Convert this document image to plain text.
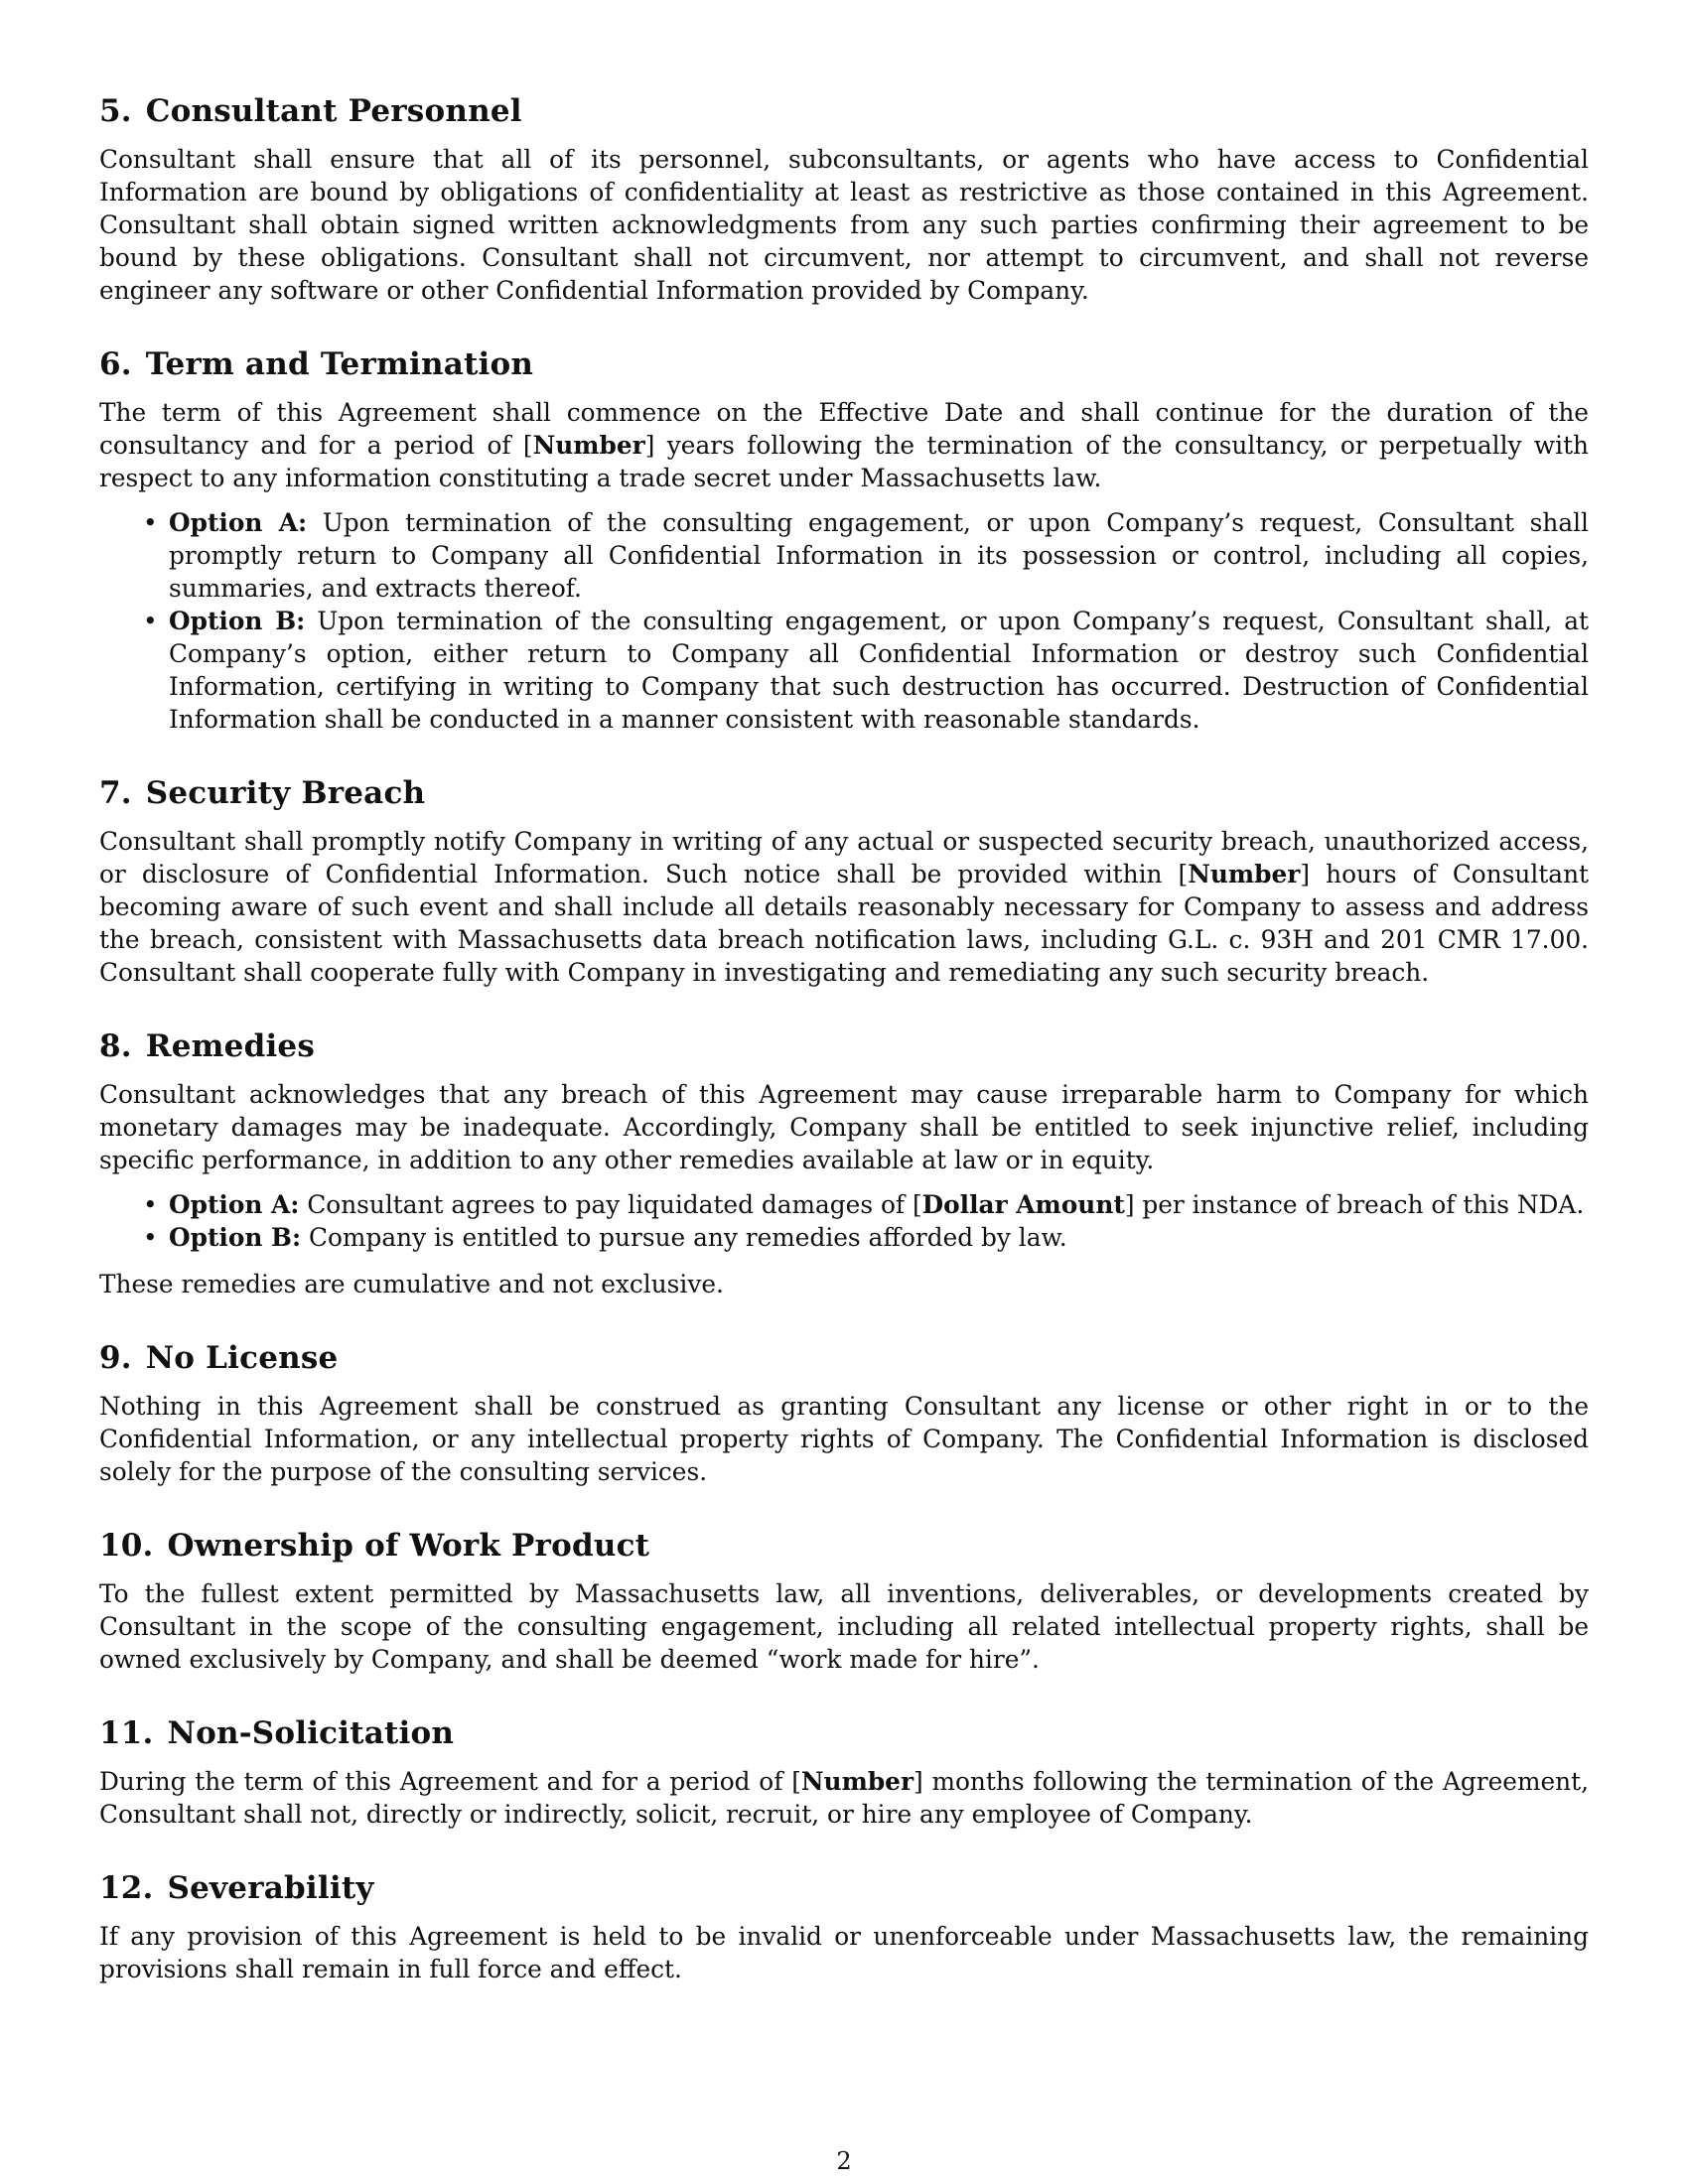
5. Consultant Personnel

Consultant shall ensure that all of its personnel, subconsultants, or agents who have access to Confidential Information are bound by obligations of confidentiality at least as restrictive as those contained in this Agreement. Consultant shall obtain signed written acknowledgments from any such parties confirming their agreement to be bound by these obligations. Consultant shall not circumvent, nor attempt to circumvent, and shall not reverse engineer any software or other Confidential Information provided by Company.

6. Term and Termination

The term of this Agreement shall commence on the Effective Date and shall continue for the duration of the consultancy and for a period of [Number] years following the termination of the consultancy, or perpetually with respect to any information constituting a trade secret under Massachusetts law.

• Option A: Upon termination of the consulting engagement, or upon Company’s request, Consultant shall promptly return to Company all Confidential Information in its possession or control, including all copies, summaries, and extracts thereof.
• Option B: Upon termination of the consulting engagement, or upon Company’s request, Consultant shall, at Company’s option, either return to Company all Confidential Information or destroy such Confidential Information, certifying in writing to Company that such destruction has occurred. Destruction of Confidential Information shall be conducted in a manner consistent with reasonable standards.
7. Security Breach

Consultant shall promptly notify Company in writing of any actual or suspected security breach, unauthorized access, or disclosure of Confidential Information. Such notice shall be provided within [Number] hours of Consultant becoming aware of such event and shall include all details reasonably necessary for Company to assess and address the breach, consistent with Massachusetts data breach notification laws, including G.L. c. 93H and 201 CMR 17.00. Consultant shall cooperate fully with Company in investigating and remediating any such security breach.

8. Remedies

Consultant acknowledges that any breach of this Agreement may cause irreparable harm to Company for which monetary damages may be inadequate. Accordingly, Company shall be entitled to seek injunctive relief, including specific performance, in addition to any other remedies available at law or in equity.

• Option A: Consultant agrees to pay liquidated damages of [Dollar Amount] per instance of breach of this NDA.
• Option B: Company is entitled to pursue any remedies afforded by law.

These remedies are cumulative and not exclusive.

9. No License

Nothing in this Agreement shall be construed as granting Consultant any license or other right in or to the Confidential Information, or any intellectual property rights of Company. The Confidential Information is disclosed solely for the purpose of the consulting services.

10. Ownership of Work Product

To the fullest extent permitted by Massachusetts law, all inventions, deliverables, or developments created by Consultant in the scope of the consulting engagement, including all related intellectual property rights, shall be owned exclusively by Company, and shall be deemed “work made for hire”.

11. Non-Solicitation

During the term of this Agreement and for a period of [Number] months following the termination of the Agreement, Consultant shall not, directly or indirectly, solicit, recruit, or hire any employee of Company.

12. Severability

If any provision of this Agreement is held to be invalid or unenforceable under Massachusetts law, the remaining provisions shall remain in full force and effect.

2
